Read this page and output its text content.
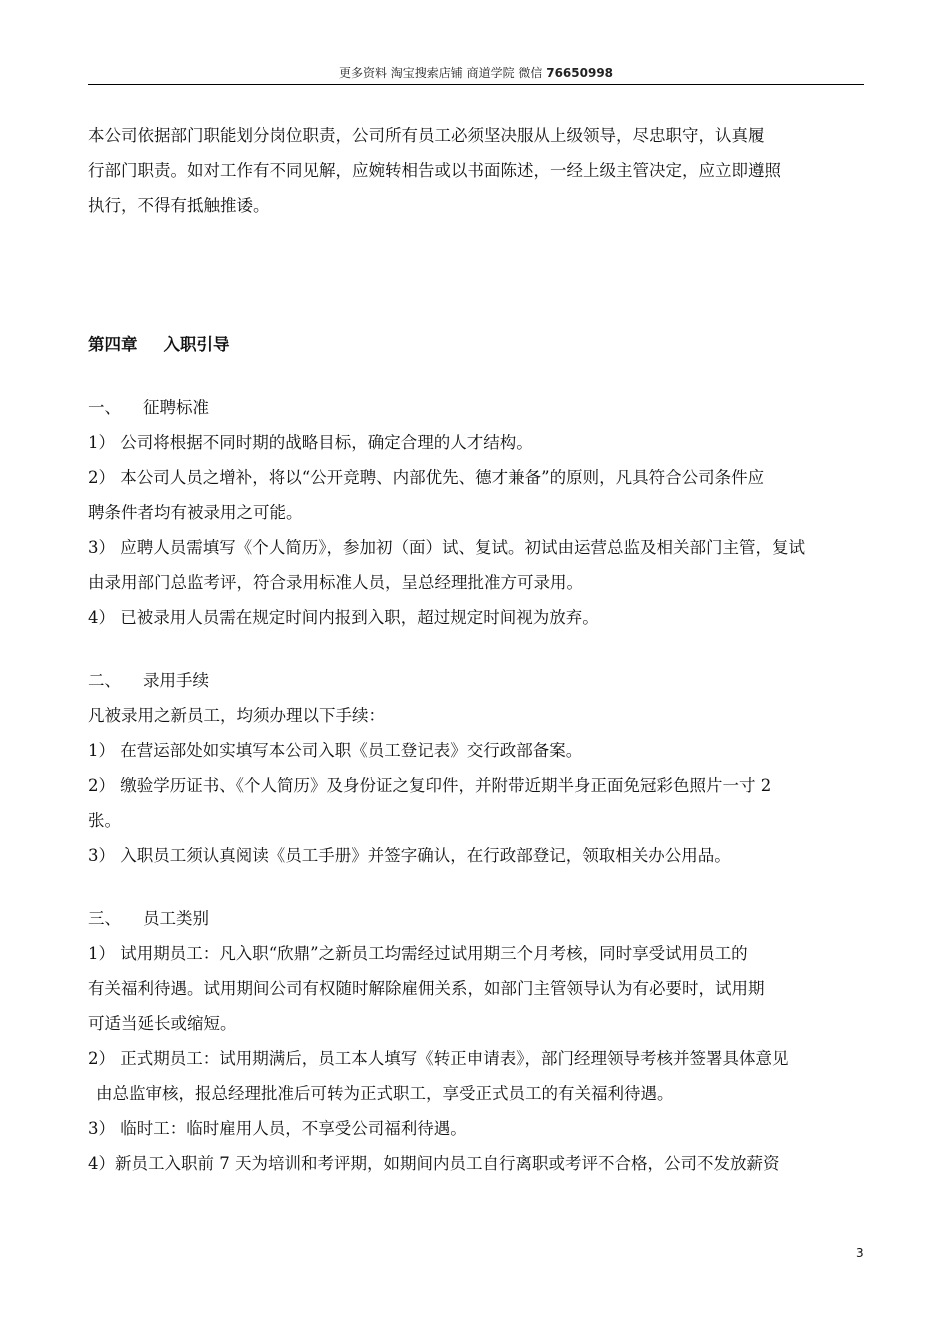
更多资料 淘宝搜索店铺 商道学院 微信 76650998

本公司依据部门职能划分岗位职责，公司所有员工必须坚决服从上级领导，尽忠职守，认真履

行部门职责。如对工作有不同见解，应婉转相告或以书面陈述，一经上级主管决定，应立即遵照

执行，不得有抵触推诿。

第四章 入职引导

一、 征聘标准

1） 公司将根据不同时期的战略目标，确定合理的人才结构。

2） 本公司人员之增补，将以“公开竞聘、内部优先、德才兼备”的原则，凡具符合公司条件应

聘条件者均有被录用之可能。

3） 应聘人员需填写《个人简历》，参加初（面）试、复试。初试由运营总监及相关部门主管，复试

由录用部门总监考评，符合录用标准人员，呈总经理批准方可录用。

4） 已被录用人员需在规定时间内报到入职，超过规定时间视为放弃。

二、 录用手续

凡被录用之新员工，均须办理以下手续：

1） 在营运部处如实填写本公司入职《员工登记表》交行政部备案。

2） 缴验学历证书、《个人简历》及身份证之复印件，并附带近期半身正面免冠彩色照片一寸 2

张。

3） 入职员工须认真阅读《员工手册》并签字确认，在行政部登记，领取相关办公用品。

三、 员工类别

1） 试用期员工：凡入职“欣鼎”之新员工均需经过试用期三个月考核，同时享受试用员工的

有关福利待遇。试用期间公司有权随时解除雇佣关系，如部门主管领导认为有必要时，试用期

可适当延长或缩短。

2） 正式期员工：试用期满后，员工本人填写《转正申请表》，部门经理领导考核并签署具体意见

由总监审核，报总经理批准后可转为正式职工，享受正式员工的有关福利待遇。

3） 临时工：临时雇用人员，不享受公司福利待遇。

4）新员工入职前 7 天为培训和考评期，如期间内员工自行离职或考评不合格，公司不发放薪资

3
